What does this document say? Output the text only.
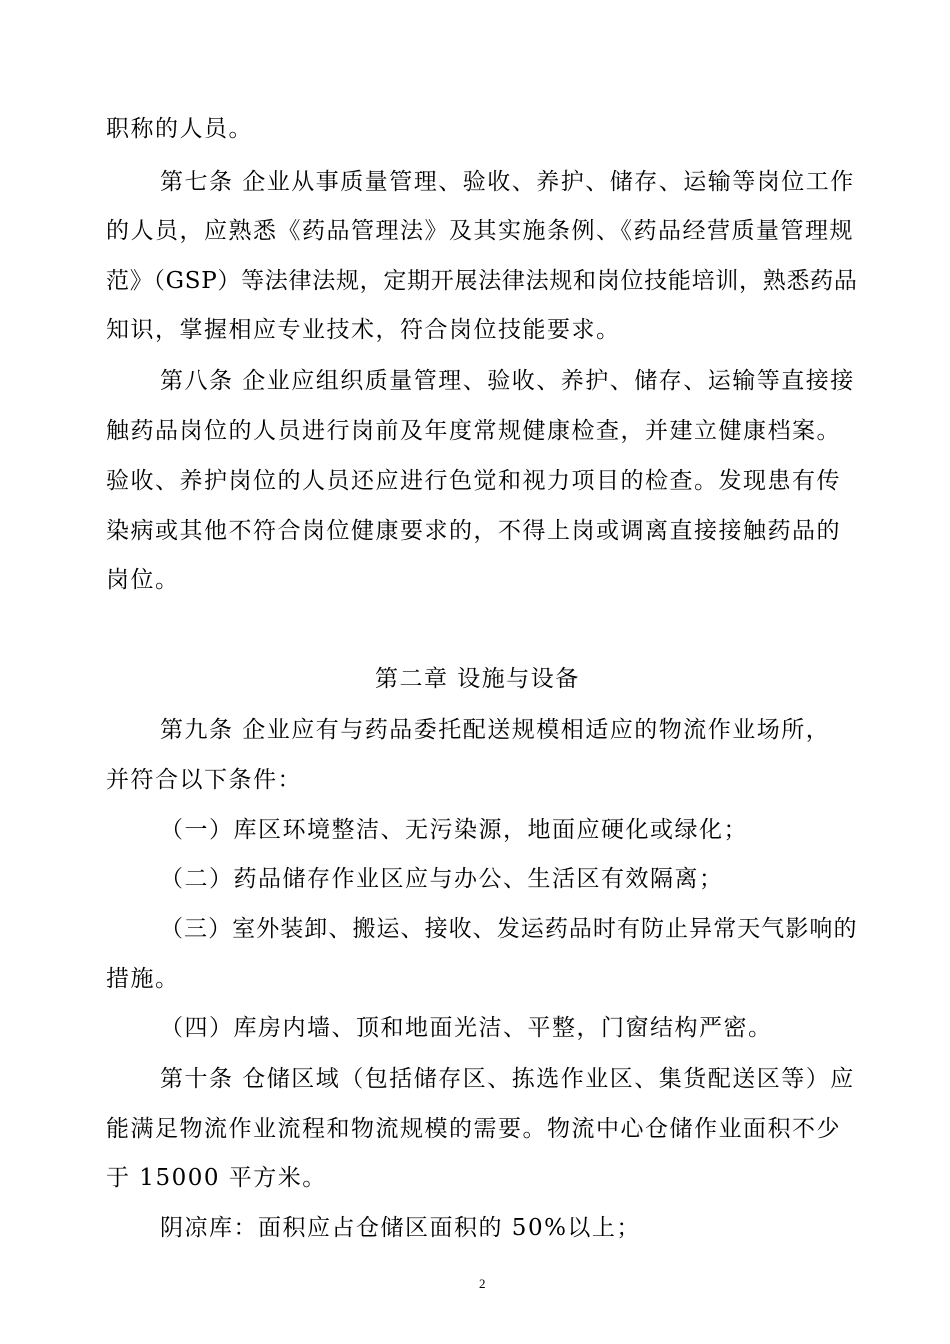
职称的人员。
第七条 企业从事质量管理、验收、养护、储存、运输等岗位工作
的人员，应熟悉《药品管理法》及其实施条例、《药品经营质量管理规
范》（GSP）等法律法规，定期开展法律法规和岗位技能培训，熟悉药品
知识，掌握相应专业技术，符合岗位技能要求。
第八条 企业应组织质量管理、验收、养护、储存、运输等直接接
触药品岗位的人员进行岗前及年度常规健康检查，并建立健康档案。
验收、养护岗位的人员还应进行色觉和视力项目的检查。发现患有传
染病或其他不符合岗位健康要求的，不得上岗或调离直接接触药品的
岗位。
第二章 设施与设备
第九条 企业应有与药品委托配送规模相适应的物流作业场所，
并符合以下条件：
（一）库区环境整洁、无污染源，地面应硬化或绿化；
（二）药品储存作业区应与办公、生活区有效隔离；
（三）室外装卸、搬运、接收、发运药品时有防止异常天气影响的
措施。
（四）库房内墙、顶和地面光洁、平整，门窗结构严密。
第十条 仓储区域（包括储存区、拣选作业区、集货配送区等）应
能满足物流作业流程和物流规模的需要。物流中心仓储作业面积不少
于 15000 平方米。
阴凉库：面积应占仓储区面积的 50%以上；
2
